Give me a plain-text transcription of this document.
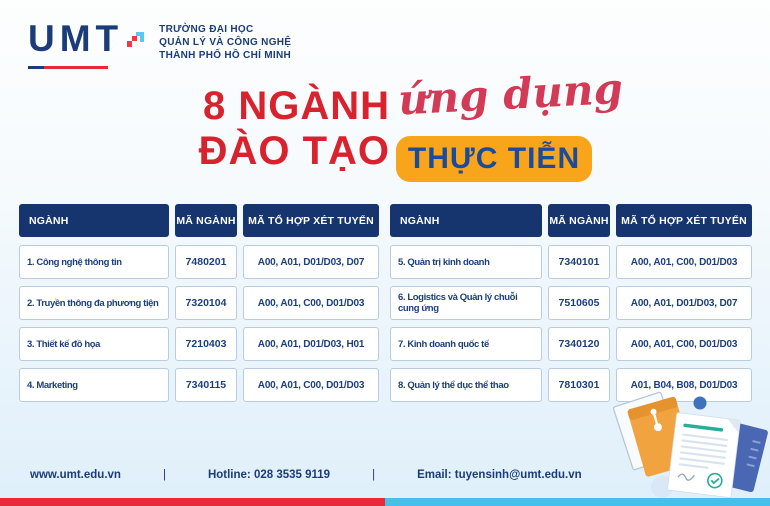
UMT	TRƯỜNG ĐẠI HỌC
QUẢN LÝ VÀ CÔNG NGHỆ
THÀNH PHỐ HỒ CHÍ MINH
8 NGÀNH
ĐÀO TẠO
ứng dụng
THỰC TIỄN
NGÀNH	MÃ NGÀNH	MÃ TỔ HỢP XÉT TUYỂN
1. Công nghệ thông tin	7480201	A00, A01, D01/D03, D07
2. Truyền thông đa phương tiện	7320104	A00, A01, C00, D01/D03
3. Thiết kế đồ họa	7210403	A00, A01, D01/D03, H01
4. Marketing	7340115	A00, A01, C00, D01/D03
NGÀNH	MÃ NGÀNH	MÃ TỔ HỢP XÉT TUYỂN
5. Quản trị kinh doanh	7340101	A00, A01, C00, D01/D03
6. Logistics và Quản lý chuỗi cung ứng	7510605	A00, A01, D01/D03, D07
7. Kinh doanh quốc tế	7340120	A00, A01, C00, D01/D03
8. Quản lý thể dục thể thao	7810301	A01, B04, B08, D01/D03
www.umt.edu.vn	|	Hotline: 028 3535 9119	|	Email: tuyensinh@umt.edu.vn
